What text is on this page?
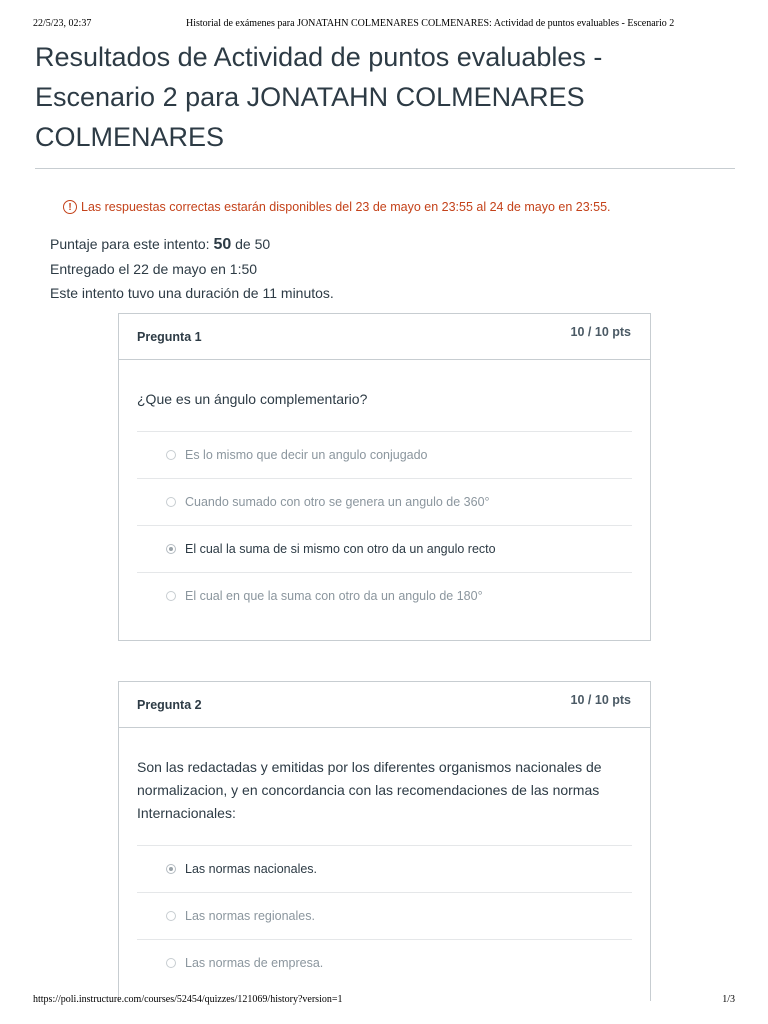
22/5/23, 02:37	Historial de exámenes para JONATAHN COLMENARES COLMENARES: Actividad de puntos evaluables - Escenario 2
Resultados de Actividad de puntos evaluables - Escenario 2 para JONATAHN COLMENARES COLMENARES
! Las respuestas correctas estarán disponibles del 23 de mayo en 23:55 al 24 de mayo en 23:55.
Puntaje para este intento: 50 de 50
Entregado el 22 de mayo en 1:50
Este intento tuvo una duración de 11 minutos.
Pregunta 1	10 / 10 pts
¿Que es un ángulo complementario?
Es lo mismo que decir un angulo conjugado
Cuando sumado con otro se genera un angulo de 360°
El cual la suma de si mismo con otro da un angulo recto
El cual en que la suma con otro da un angulo de 180°
Pregunta 2	10 / 10 pts
Son las redactadas y emitidas por los diferentes organismos nacionales de normalizacion, y en concordancia con las recomendaciones de las normas Internacionales:
Las normas nacionales.
Las normas regionales.
Las normas de empresa.
https://poli.instructure.com/courses/52454/quizzes/121069/history?version=1	1/3
